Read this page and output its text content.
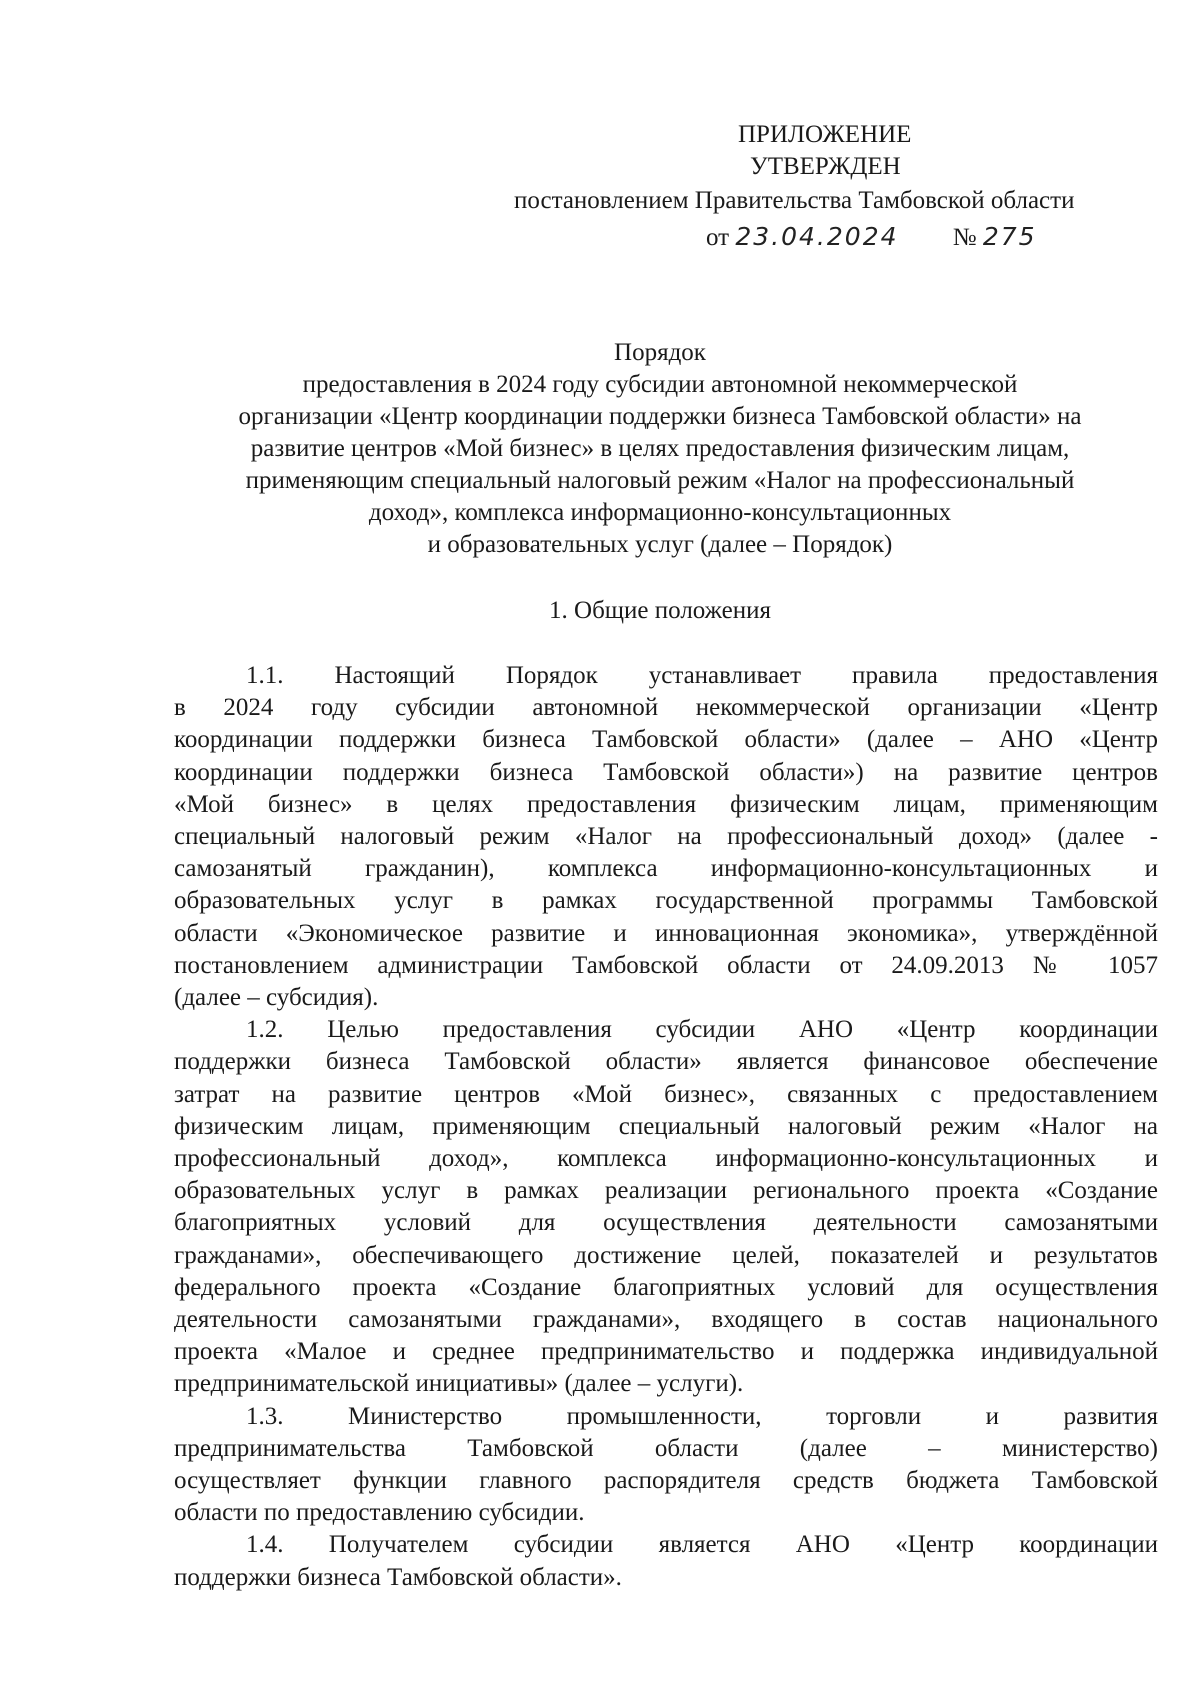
ПРИЛОЖЕНИЕ
УТВЕРЖДЕН
постановлением Правительства Тамбовской области
от 23.04.2024 № 275
Порядок
предоставления в 2024 году субсидии автономной некоммерческой
организации «Центр координации поддержки бизнеса Тамбовской области» на
развитие центров «Мой бизнес» в целях предоставления физическим лицам,
применяющим специальный налоговый режим «Налог на профессиональный
доход», комплекса информационно-консультационных
и образовательных услуг (далее – Порядок)
1. Общие положения
1.1. Настоящий Порядок устанавливает правила предоставления
в 2024 году субсидии автономной некоммерческой организации «Центр
координации поддержки бизнеса Тамбовской области» (далее – АНО «Центр
координации поддержки бизнеса Тамбовской области») на развитие центров
«Мой бизнес» в целях предоставления физическим лицам, применяющим
специальный налоговый режим «Налог на профессиональный доход» (далее -
самозанятый гражданин), комплекса информационно-консультационных и
образовательных услуг в рамках государственной программы Тамбовской
области «Экономическое развитие и инновационная экономика», утверждённой
постановлением администрации Тамбовской области от 24.09.2013 № 1057
(далее – субсидия).
1.2. Целью предоставления субсидии АНО «Центр координации
поддержки бизнеса Тамбовской области» является финансовое обеспечение
затрат на развитие центров «Мой бизнес», связанных с предоставлением
физическим лицам, применяющим специальный налоговый режим «Налог на
профессиональный доход», комплекса информационно-консультационных и
образовательных услуг в рамках реализации регионального проекта «Создание
благоприятных условий для осуществления деятельности самозанятыми
гражданами», обеспечивающего достижение целей, показателей и результатов
федерального проекта «Создание благоприятных условий для осуществления
деятельности самозанятыми гражданами», входящего в состав национального
проекта «Малое и среднее предпринимательство и поддержка индивидуальной
предпринимательской инициативы» (далее – услуги).
1.3. Министерство промышленности, торговли и развития
предпринимательства Тамбовской области (далее – министерство)
осуществляет функции главного распорядителя средств бюджета Тамбовской
области по предоставлению субсидии.
1.4. Получателем субсидии является АНО «Центр координации
поддержки бизнеса Тамбовской области».
